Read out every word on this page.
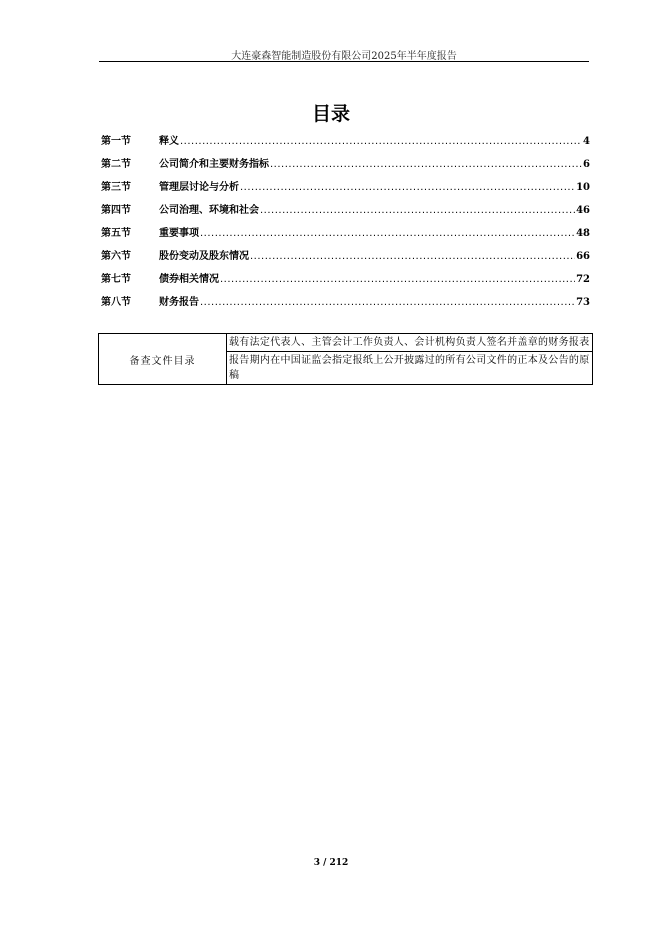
大连豪森智能制造股份有限公司2025年半年度报告
目录
第一节	释义 .....	4
第二节	公司简介和主要财务指标 .....	6
第三节	管理层讨论与分析 .....	10
第四节	公司治理、环境和社会 .....	46
第五节	重要事项 .....	48
第六节	股份变动及股东情况 .....	66
第七节	债券相关情况 .....	72
第八节	财务报告 .....	73
备查文件目录	载有法定代表人、主管会计工作负责人、会计机构负责人签名并盖章的财务报表
报告期内在中国证监会指定报纸上公开披露过的所有公司文件的正本及公告的原稿
3 / 212
